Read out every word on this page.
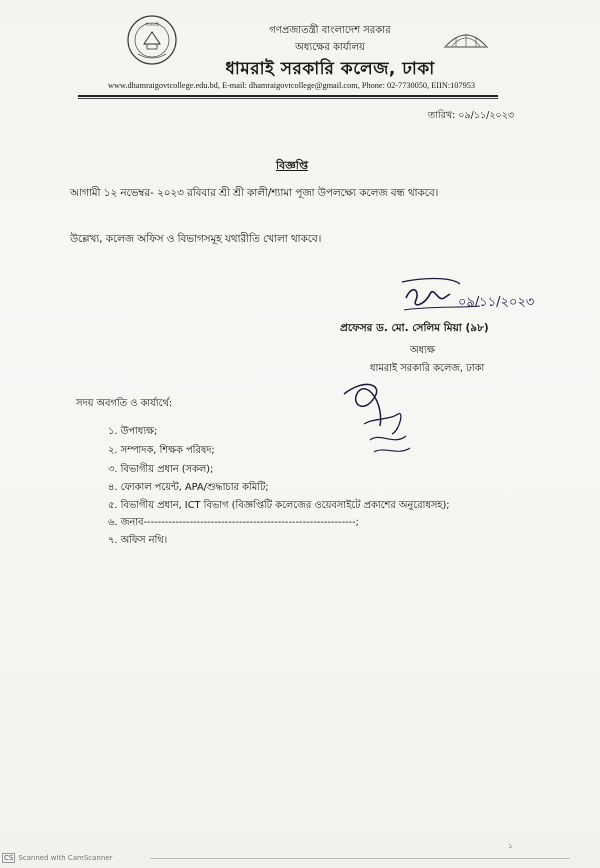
ধামরাই	গণপ্রজাতন্ত্রী বাংলাদেশ সরকার
অধ্যক্ষের কার্যালয়
ধামরাই সরকারি কলেজ, ঢাকা
www.dhamraigovtcollege.edu.bd, E-mail: dhamraigovtcollege@gmail.com, Phone: 02-7730050, EIIN:107953
তারিখ: ০৯/১১/২০২৩
বিজ্ঞপ্তি
আগামী ১২ নভেম্বর- ২০২৩ রবিবার শ্রী শ্রী কালী/শ্যামা পূজা উপলক্ষ্যে কলেজ বন্ধ থাকবে।
উল্লেখ্য, কলেজ অফিস ও বিভাগসমূহ যথারীতি খোলা থাকবে।
০৯/১১/২০২৩
প্রফেসর ড. মো. সেলিম মিয়া (৯৮)
অধ্যক্ষ
ধামরাই সরকারি কলেজ, ঢাকা
সদয় অবগতি ও কার্যার্থে:
১. উপাধ্যক্ষ;
২. সম্পাদক, শিক্ষক পরিষদ;
৩. বিভাগীয় প্রধান (সকল);
৪. ফোকাল পয়েন্ট, APA/শুদ্ধাচার কমিটি;
৫. বিভাগীয় প্রধান, ICT বিভাগ (বিজ্ঞপ্তিটি কলেজের ওয়েবসাইটে প্রকাশের অনুরোধসহ);
৬. জনাব------------------------------------------------------------;
৭. অফিস নথি।
১
CS Scanned with CamScanner
